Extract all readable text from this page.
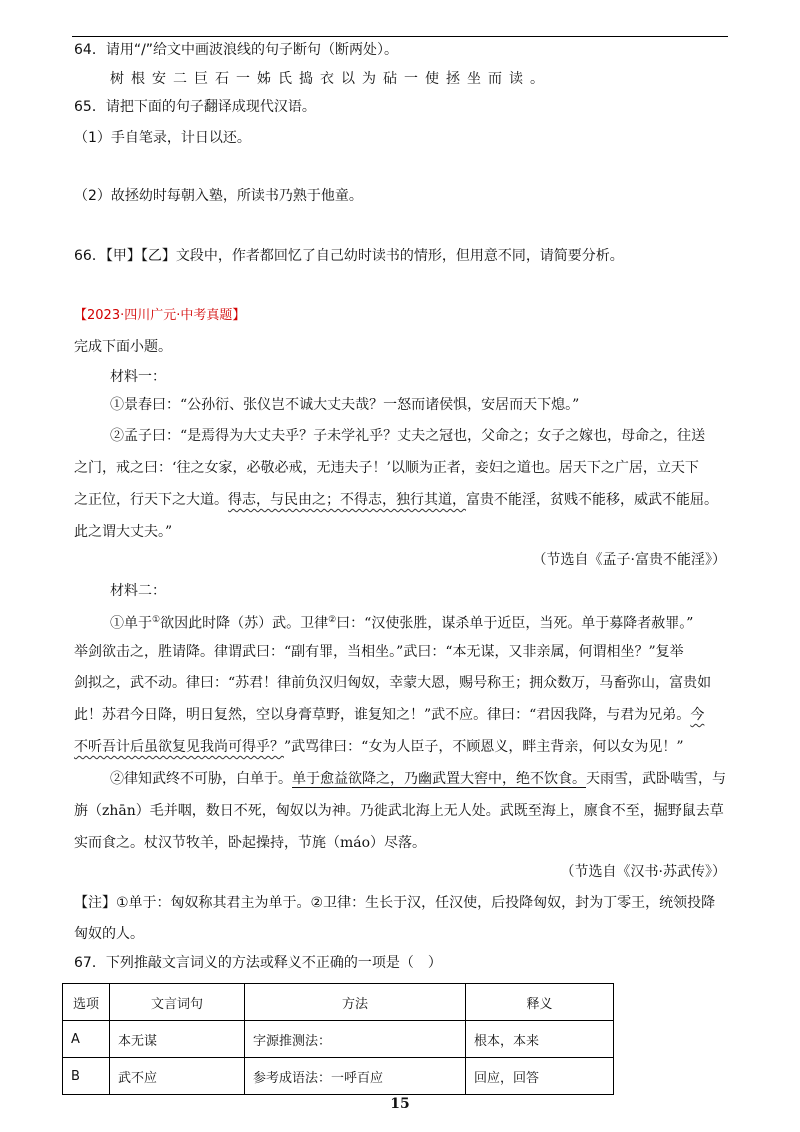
64．请用“/”给文中画波浪线的句子断句（断两处）。
树根安二巨石一姊氏捣衣以为砧一使拯坐而读。
65．请把下面的句子翻译成现代汉语。
（1）手自笔录，计日以还。
（2）故拯幼时每朝入塾，所读书乃熟于他童。
66．【甲】【乙】文段中，作者都回忆了自己幼时读书的情形，但用意不同，请简要分析。
【2023·四川广元·中考真题】
完成下面小题。
材料一：
①景春曰：“公孙衍、张仪岂不诚大丈夫哉？一怒而诸侯惧，安居而天下熄。”
②孟子曰：“是焉得为大丈夫乎？子未学礼乎？丈夫之冠也，父命之；女子之嫁也，母命之，往送
之门，戒之曰：‘往之女家，必敬必戒，无违夫子！’以顺为正者，妾妇之道也。居天下之广居，立天下
之正位，行天下之大道。得志，与民由之；不得志，独行其道，富贵不能淫，贫贱不能移，威武不能屈。
此之谓大丈夫。”
（节选自《孟子·富贵不能淫》）
材料二：
①单于①欲因此时降（苏）武。卫律②曰：“汉使张胜，谋杀单于近臣，当死。单于募降者赦罪。”
举剑欲击之，胜请降。律谓武曰：“副有罪，当相坐。”武曰：“本无谋，又非亲属，何谓相坐？”复举
剑拟之，武不动。律曰：“苏君！律前负汉归匈奴，幸蒙大恩，赐号称王；拥众数万，马畜弥山，富贵如
此！苏君今日降，明日复然，空以身膏草野，谁复知之！”武不应。律曰：“君因我降，与君为兄弟。今
不听吾计后虽欲复见我尚可得乎？”武骂律曰：“女为人臣子，不顾恩义，畔主背亲，何以女为见！”
②律知武终不可胁，白单于。单于愈益欲降之，乃幽武置大窖中，绝不饮食。天雨雪，武卧啮雪，与
旃（zhān）毛并咽，数日不死，匈奴以为神。乃徙武北海上无人处。武既至海上，廪食不至，掘野鼠去草
实而食之。杖汉节牧羊，卧起操持，节旄（máo）尽落。
（节选自《汉书·苏武传》）
【注】①单于：匈奴称其君主为单于。②卫律：生长于汉，任汉使，后投降匈奴，封为丁零王，统领投降
匈奴的人。
67．下列推敲文言词义的方法或释义不正确的一项是（　）
选项	文言词句	方法	释义
A	本无谋	字源推测法：	根本，本来
B	武不应	参考成语法：一呼百应	回应，回答
15
